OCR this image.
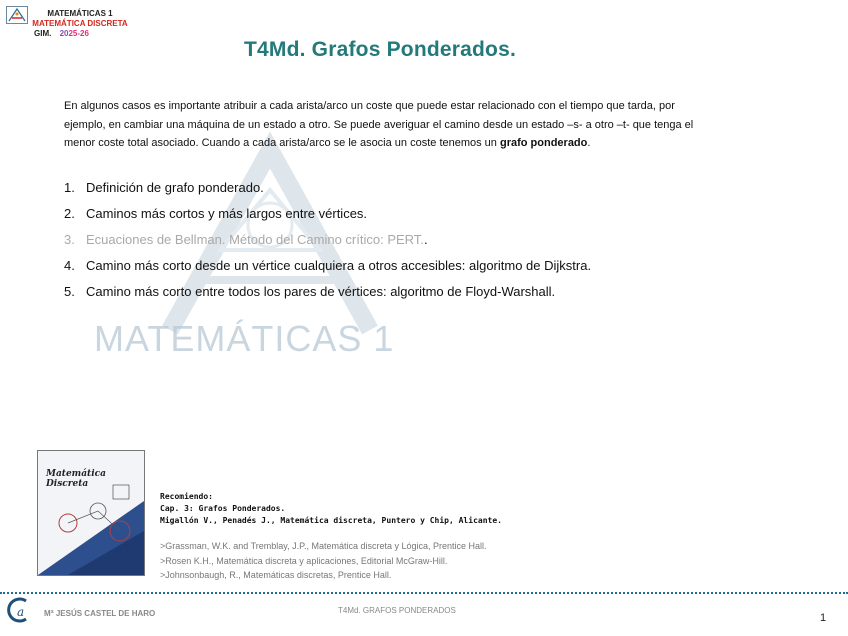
MATEMÁTICAS 1
MATEMÁTICA DISCRETA
GIM. 2025-26
T4Md. Grafos Ponderados.
MATEMÁTICAS 1
En algunos casos es importante atribuir a cada arista/arco un coste que puede estar relacionado con el tiempo que tarda, por ejemplo, en cambiar una máquina de un estado a otro. Se puede averiguar el camino desde un estado –s- a otro –t- que tenga el menor coste total asociado. Cuando a cada arista/arco se le asocia un coste tenemos un grafo ponderado.
1. Definición de grafo ponderado.
2. Caminos más cortos y más largos entre vértices.
3. Ecuaciones de Bellman. Método del Camino crítico: PERT..
4. Camino más corto desde un vértice cualquiera a otros accesibles: algoritmo de Dijkstra.
5. Camino más corto entre todos los pares de vértices: algoritmo de Floyd-Warshall.
Matemática Discreta
Recomiendo:
Cap. 3: Grafos Ponderados.
Migallón V., Penadés J., Matemática discreta, Puntero y Chip, Alicante.
>Grassman, W.K. and Tremblay, J.P., Matemática discreta y Lógica, Prentice Hall.
>Rosen K.H., Matemática discreta y aplicaciones, Editorial McGraw-Hill.
>Johnsonbaugh, R., Matemáticas discretas, Prentice Hall.
a Mª JESÚS CASTEL DE HARO	T4Md. GRAFOS PONDERADOS
1
